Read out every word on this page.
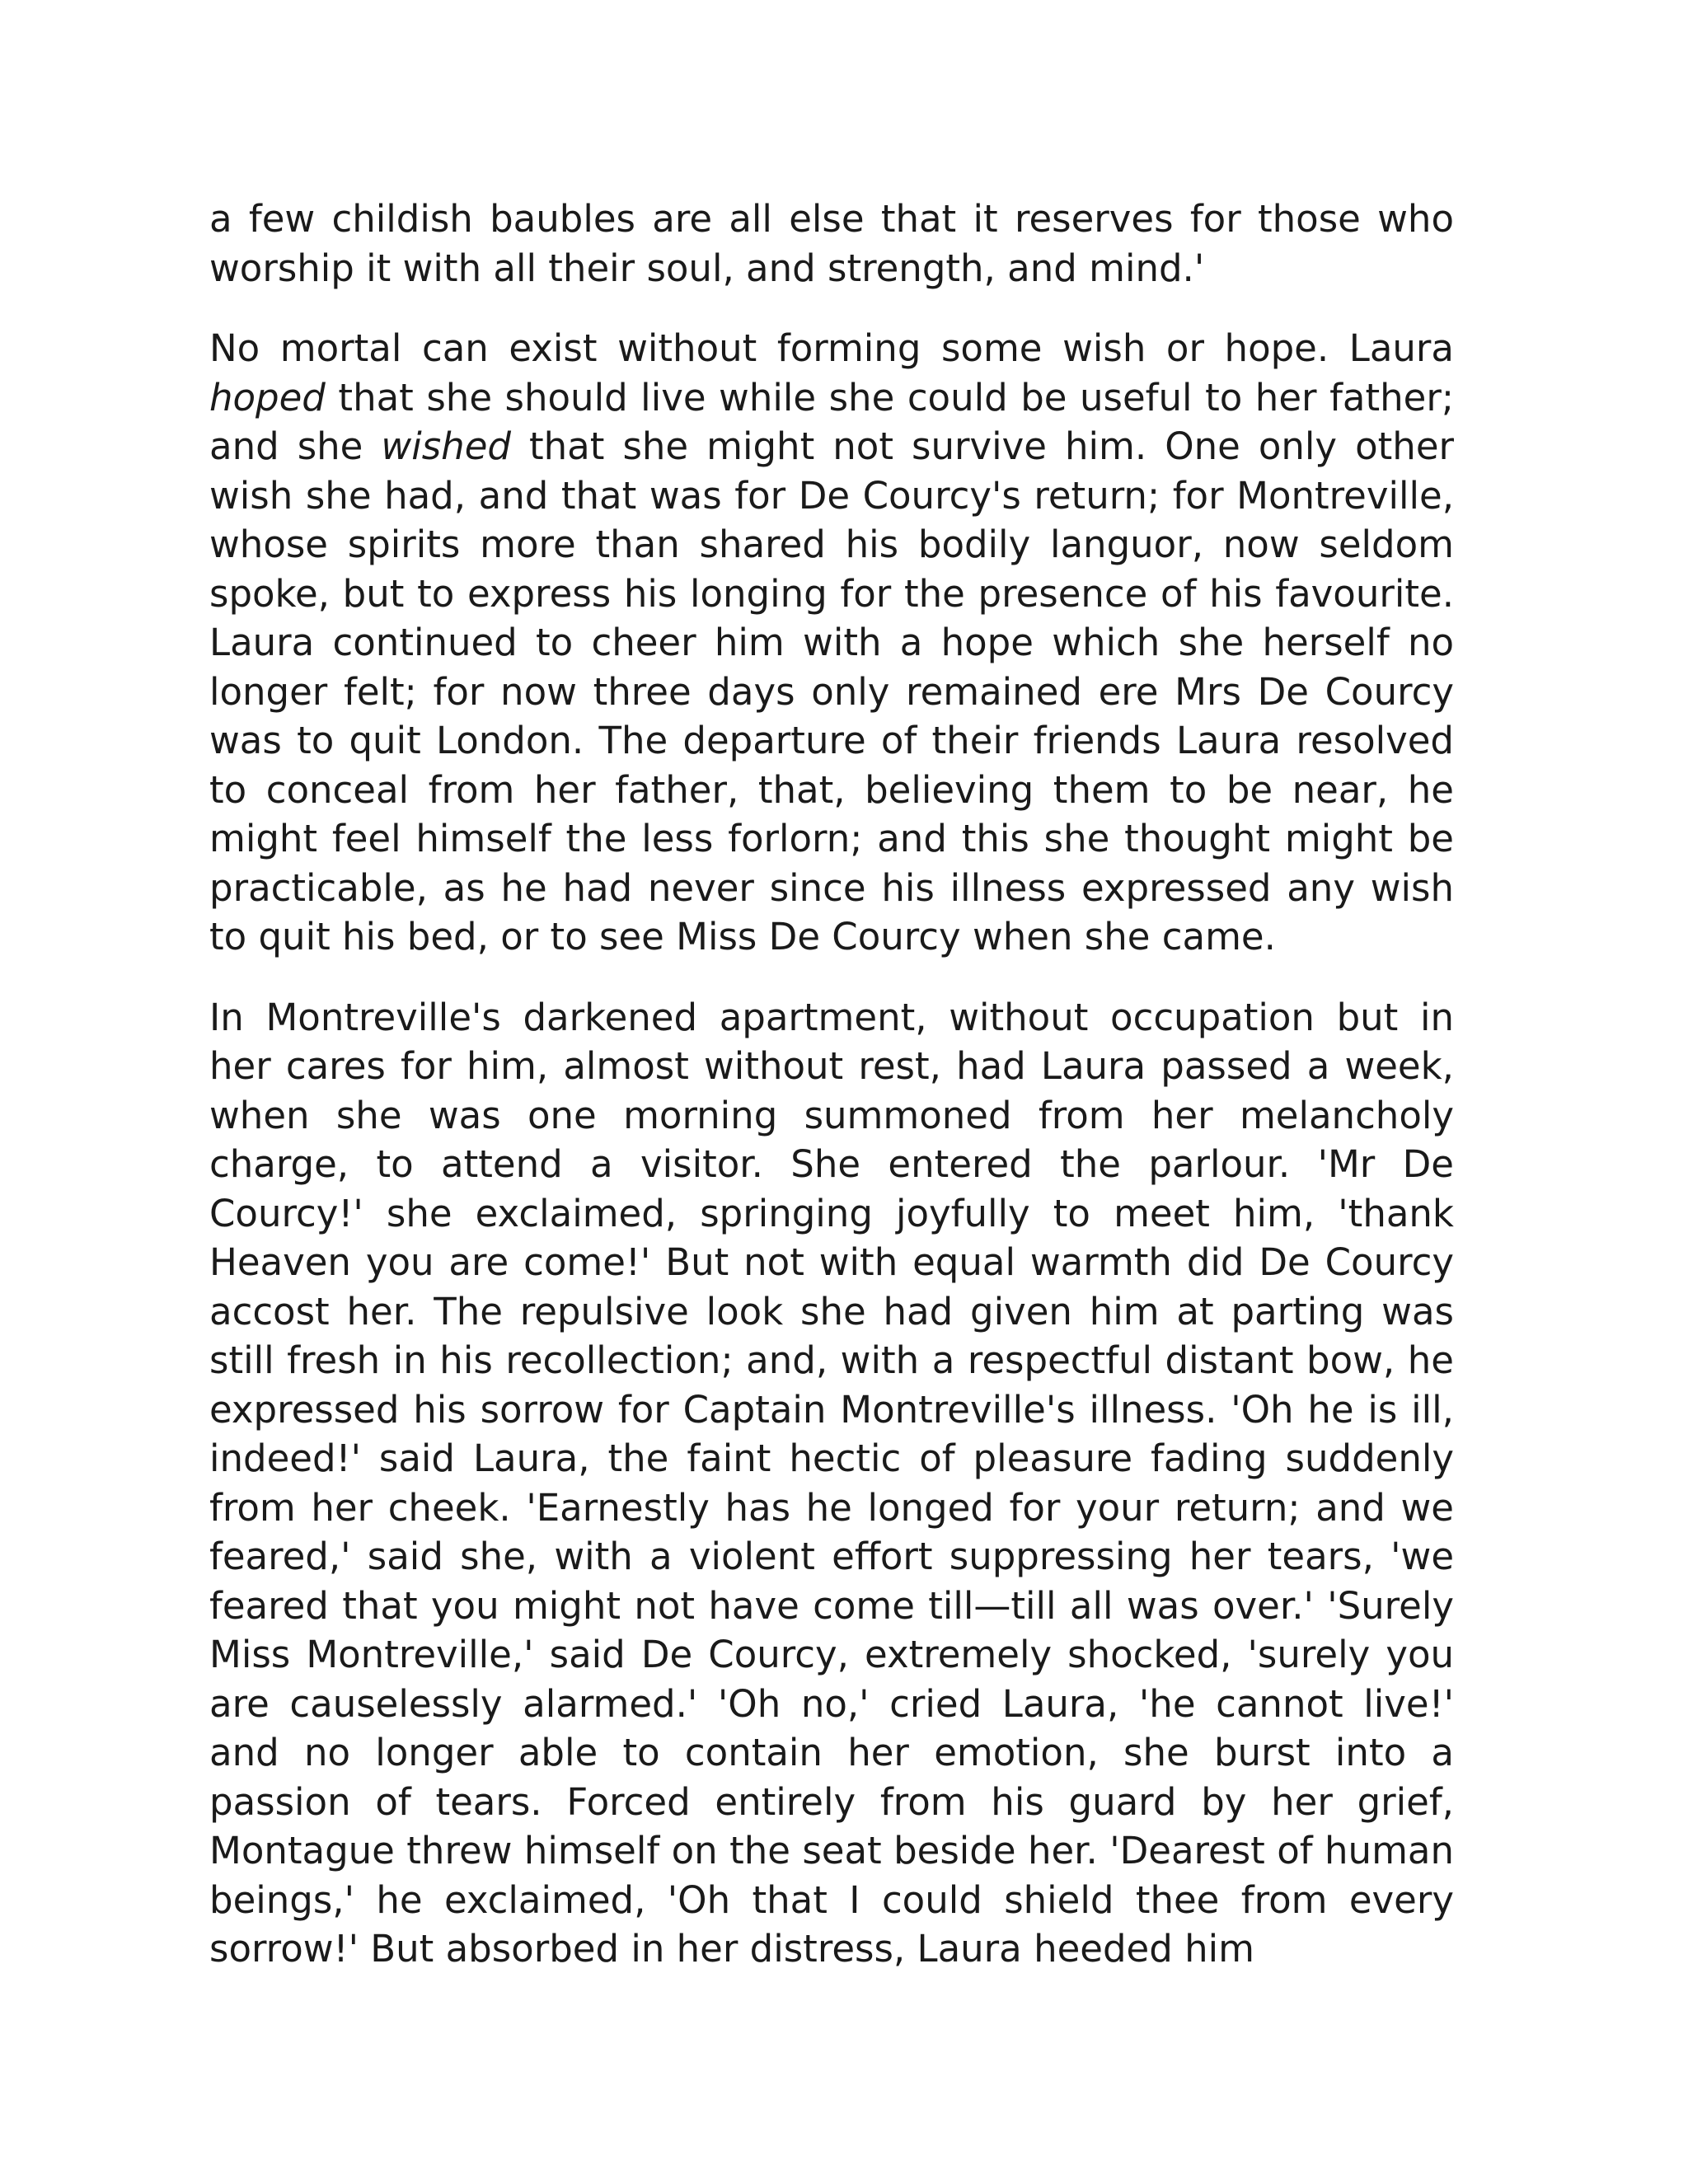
a few childish baubles are all else that it reserves for those who worship it with all their soul, and strength, and mind.'

No mortal can exist without forming some wish or hope. Laura hoped that she should live while she could be useful to her father; and she wished that she might not survive him. One only other wish she had, and that was for De Courcy's return; for Montreville, whose spirits more than shared his bodily languor, now seldom spoke, but to express his longing for the presence of his favourite. Laura continued to cheer him with a hope which she herself no longer felt; for now three days only remained ere Mrs De Courcy was to quit London. The departure of their friends Laura resolved to conceal from her father, that, believing them to be near, he might feel himself the less forlorn; and this she thought might be practicable, as he had never since his illness expressed any wish to quit his bed, or to see Miss De Courcy when she came.

In Montreville's darkened apartment, without occupation but in her cares for him, almost without rest, had Laura passed a week, when she was one morning summoned from her melancholy charge, to attend a visitor. She entered the parlour. 'Mr De Courcy!' she exclaimed, springing joyfully to meet him, 'thank Heaven you are come!' But not with equal warmth did De Courcy accost her. The repulsive look she had given him at parting was still fresh in his recollection; and, with a respectful distant bow, he expressed his sorrow for Captain Montreville's illness. 'Oh he is ill, indeed!' said Laura, the faint hectic of pleasure fading suddenly from her cheek. 'Earnestly has he longed for your return; and we feared,' said she, with a violent effort suppressing her tears, 'we feared that you might not have come till—till all was over.' 'Surely Miss Montreville,' said De Courcy, extremely shocked, 'surely you are causelessly alarmed.' 'Oh no,' cried Laura, 'he cannot live!' and no longer able to contain her emotion, she burst into a passion of tears. Forced entirely from his guard by her grief, Montague threw himself on the seat beside her. 'Dearest of human beings,' he exclaimed, 'Oh that I could shield thee from every sorrow!' But absorbed in her distress, Laura heeded him
